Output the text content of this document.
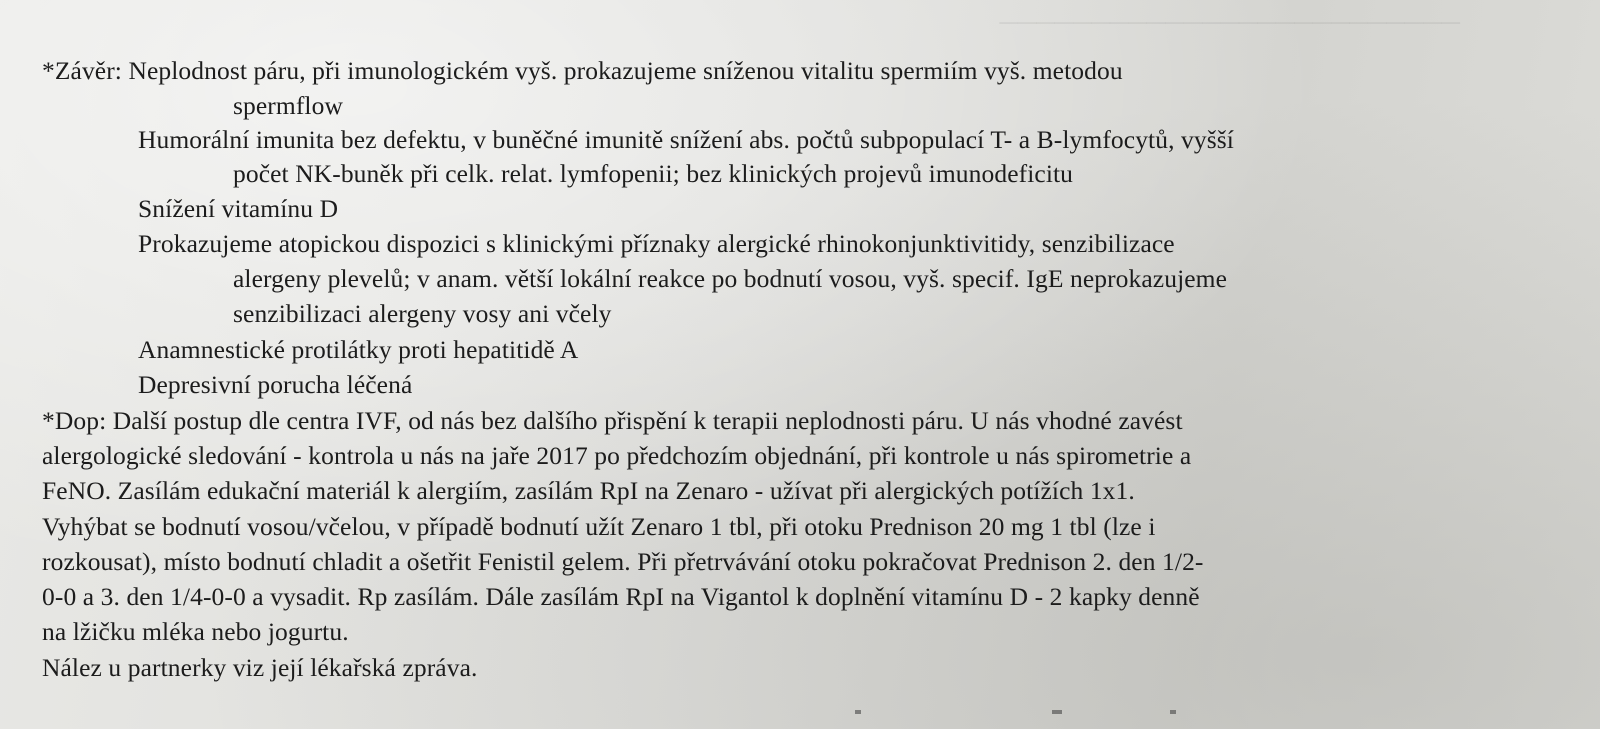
─────────────────────────
*Závěr: Neplodnost páru, při imunologickém vyš. prokazujeme sníženou vitalitu spermiím vyš. metodou
spermflow
Humorální imunita bez defektu, v buněčné imunitě snížení abs. počtů subpopulací T- a B-lymfocytů, vyšší
počet NK-buněk při celk. relat. lymfopenii; bez klinických projevů imunodeficitu
Snížení vitamínu D
Prokazujeme atopickou dispozici s klinickými příznaky alergické rhinokonjunktivitidy, senzibilizace
alergeny plevelů; v anam. větší lokální reakce po bodnutí vosou, vyš. specif. IgE neprokazujeme
senzibilizaci alergeny vosy ani včely
Anamnestické protilátky proti hepatitidě A
Depresivní porucha léčená
*Dop: Další postup dle centra IVF, od nás bez dalšího přispění k terapii neplodnosti páru. U nás vhodné zavést
alergologické sledování - kontrola u nás na jaře 2017 po předchozím objednání, při kontrole u nás spirometrie a
FeNO. Zasílám edukační materiál k alergiím, zasílám RpI na Zenaro - užívat při alergických potížích 1x1.
Vyhýbat se bodnutí vosou/včelou, v případě bodnutí užít Zenaro 1 tbl, při otoku Prednison 20 mg 1 tbl (lze i
rozkousat), místo bodnutí chladit a ošetřit Fenistil gelem. Při přetrvávání otoku pokračovat Prednison 2. den 1/2-
0-0 a 3. den 1/4-0-0 a vysadit. Rp zasílám. Dále zasílám RpI na Vigantol k doplnění vitamínu D - 2 kapky denně
na lžičku mléka nebo jogurtu.
Nález u partnerky viz její lékařská zpráva.
